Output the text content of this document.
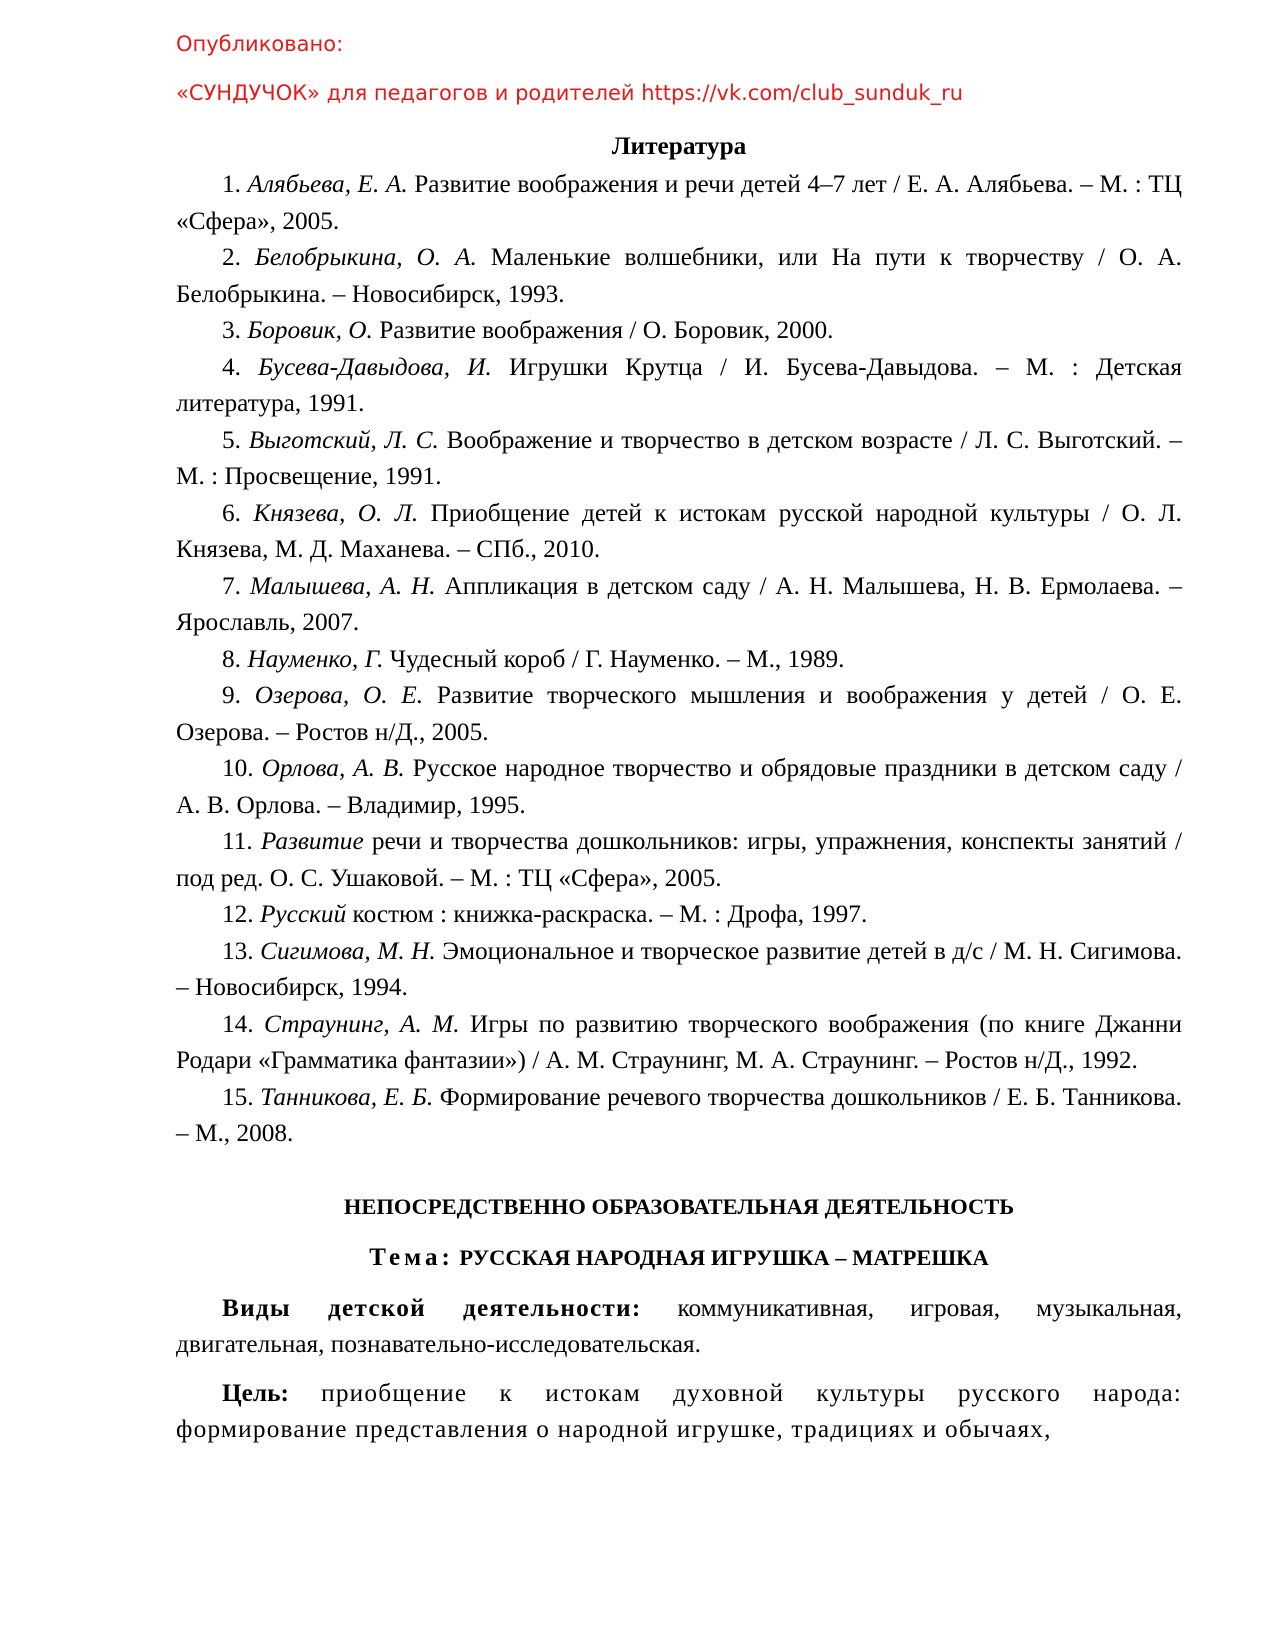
Опубликовано:
«СУНДУЧОК» для педагогов и родителей https://vk.com/club_sunduk_ru
Литература

1. Алябьева, Е. А. Развитие воображения и речи детей 4–7 лет / Е. А. Алябьева. – М. : ТЦ «Сфера», 2005.

2. Белобрыкина, О. А. Маленькие волшебники, или На пути к творчеству / О. А. Белобрыкина. – Новосибирск, 1993.

3. Боровик, О. Развитие воображения / О. Боровик, 2000.

4. Бусева-Давыдова, И. Игрушки Крутца / И. Бусева-Давыдова. – М. : Детская литература, 1991.

5. Выготский, Л. С. Воображение и творчество в детском возрасте / Л. С. Выготский. – М. : Просвещение, 1991.

6. Князева, О. Л. Приобщение детей к истокам русской народной культуры / О. Л. Князева, М. Д. Маханева. – СПб., 2010.

7. Малышева, А. Н. Аппликация в детском саду / А. Н. Малышева, Н. В. Ермолаева. – Ярославль, 2007.

8. Науменко, Г. Чудесный короб / Г. Науменко. – М., 1989.

9. Озерова, О. Е. Развитие творческого мышления и воображения у детей / О. Е. Озерова. – Ростов н/Д., 2005.

10. Орлова, А. В. Русское народное творчество и обрядовые праздники в детском саду / А. В. Орлова. – Владимир, 1995.

11. Развитие речи и творчества дошкольников: игры, упражнения, конспекты занятий / под ред. О. С. Ушаковой. – М. : ТЦ «Сфера», 2005.

12. Русский костюм : книжка-раскраска. – М. : Дрофа, 1997.

13. Сигимова, М. Н. Эмоциональное и творческое развитие детей в д/с / М. Н. Сигимова. – Новосибирск, 1994.

14. Страунинг, А. М. Игры по развитию творческого воображения (по книге Джанни Родари «Грамматика фантазии») / А. М. Страунинг, М. А. Страунинг. – Ростов н/Д., 1992.

15. Танникова, Е. Б. Формирование речевого творчества дошкольников / Е. Б. Танникова. – М., 2008.

НЕПОСРЕДСТВЕННО ОБРАЗОВАТЕЛЬНАЯ ДЕЯТЕЛЬНОСТЬ
Тема: РУССКАЯ НАРОДНАЯ ИГРУШКА – МАТРЕШКА

Виды детской деятельности: коммуникативная, игровая, музыкальная, двигательная, познавательно-исследовательская.

Цель: приобщение к истокам духовной культуры русского народа: формирование представления о народной игрушке, традициях и обычаях,
